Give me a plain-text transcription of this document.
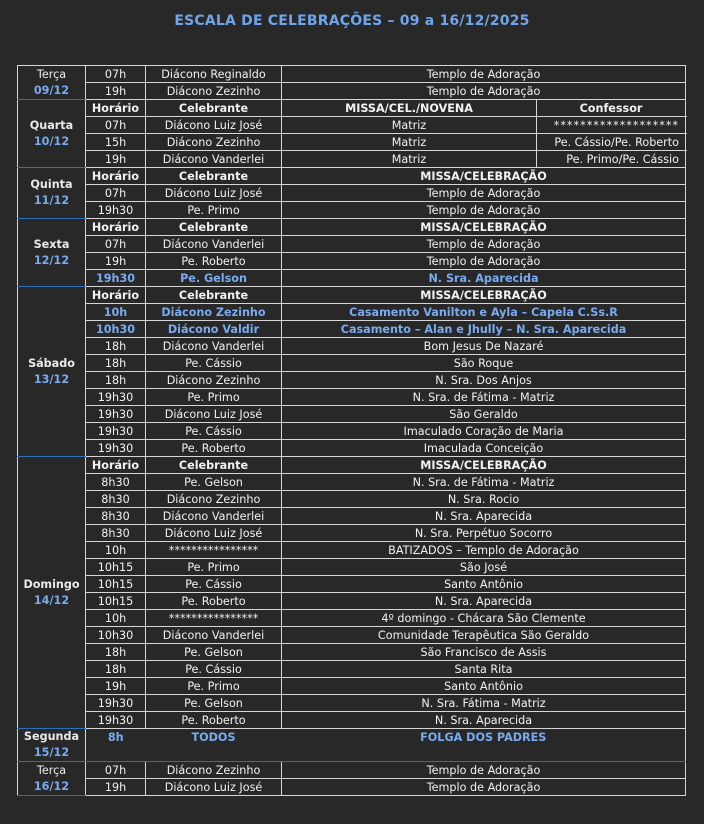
ESCALA DE CELEBRAÇÕES – 09 a 16/12/2025
Terça
09/12	07h	Diácono Reginaldo	Templo de Adoração	
	19h	Diácono Zezinho	Templo de Adoração	

Quarta
10/12	Horário	Celebrante	MISSA/CEL./NOVENA	Confessor	
	07h	Diácono Luiz José	Matriz	*******************	
	15h	Diácono Zezinho	Matriz	Pe. Cássio/Pe. Roberto	
	19h	Diácono Vanderlei	Matriz	Pe. Primo/Pe. Cássio	

Quinta
11/12	Horário	Celebrante	MISSA/CELEBRAÇÃO	
	07h	Diácono Luiz José	Templo de Adoração	
	19h30	Pe. Primo	Templo de Adoração	

Sexta
12/12	Horário	Celebrante	MISSA/CELEBRAÇÃO	
	07h	Diácono Vanderlei	Templo de Adoração	
	19h	Pe. Roberto	Templo de Adoração	
	19h30	Pe. Gelson	N. Sra. Aparecida	

Sábado
13/12	Horário	Celebrante	MISSA/CELEBRAÇÃO	
	10h	Diácono Zezinho	Casamento Vanilton e Ayla – Capela C.Ss.R	
	10h30	Diácono Valdir	Casamento – Alan e Jhully – N. Sra. Aparecida	
	18h	Diácono Vanderlei	Bom Jesus De Nazaré	
	18h	Pe. Cássio	São Roque	
	18h	Diácono Zezinho	N. Sra. Dos Anjos	
	19h30	Pe. Primo	N. Sra. de Fátima - Matriz	
	19h30	Diácono Luiz José	São Geraldo	
	19h30	Pe. Cássio	Imaculado Coração de Maria	
	19h30	Pe. Roberto	Imaculada Conceição	

Domingo
14/12	Horário	Celebrante	MISSA/CELEBRAÇÃO	
	8h30	Pe. Gelson	N. Sra. de Fátima - Matriz	
	8h30	Diácono Zezinho	N. Sra. Rocio	
	8h30	Diácono Vanderlei	N. Sra. Aparecida	
	8h30	Diácono Luiz José	N. Sra. Perpétuo Socorro	
	10h	****************	BATIZADOS – Templo de Adoração	
	10h15	Pe. Primo	São José	
	10h15	Pe. Cássio	Santo Antônio	
	10h15	Pe. Roberto	N. Sra. Aparecida	
	10h	****************	4º domingo - Chácara São Clemente	
	10h30	Diácono Vanderlei	Comunidade Terapêutica São Geraldo	
	18h	Pe. Gelson	São Francisco de Assis	
	18h	Pe. Cássio	Santa Rita	
	19h	Pe. Primo	Santo Antônio	
	19h30	Pe. Gelson	N. Sra. Fátima - Matriz	
	19h30	Pe. Roberto	N. Sra. Aparecida	

Segunda
15/12	8h	TODOS	FOLGA DOS PADRES	

Terça
16/12	07h	Diácono Zezinho	Templo de Adoração	
	19h	Diácono Luiz José	Templo de Adoração	
